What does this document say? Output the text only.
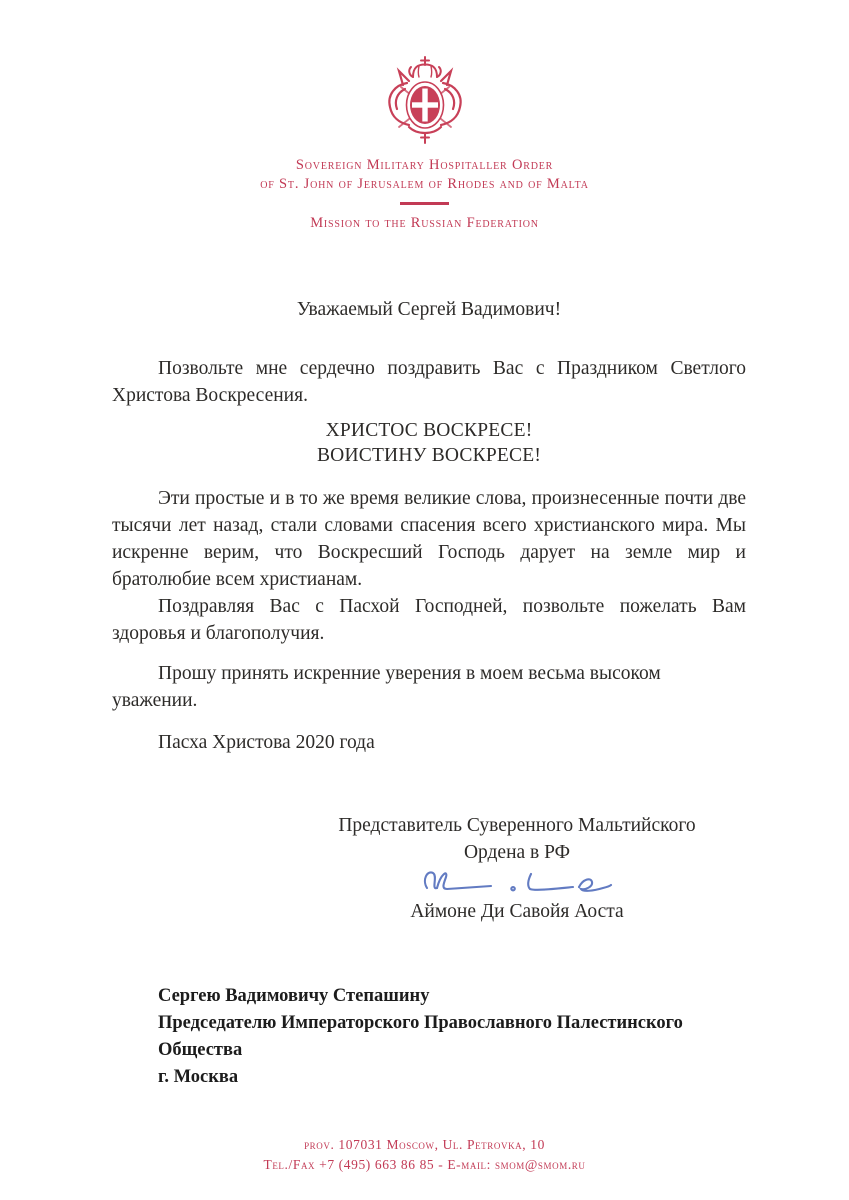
Sovereign Military Hospitaller Order
of St. John of Jerusalem of Rhodes and of Malta
Mission to the Russian Federation

Уважаемый Сергей Вадимович!

Позвольте мне сердечно поздравить Вас с Праздником Светлого Христова Воскресения.

ХРИСТОС ВОСКРЕСЕ!

ВОИСТИНУ ВОСКРЕСЕ!

Эти простые и в то же время великие слова, произнесенные почти две тысячи лет назад, стали словами спасения всего христианского мира. Мы искренне верим, что Воскресший Господь дарует на земле мир и братолюбие всем христианам.

Поздравляя Вас с Пасхой Господней, позвольте пожелать Вам здоровья и благополучия.

Прошу принять искренние уверения в моем весьма высоком уважении.

Пасха Христова 2020 года

Представитель Суверенного Мальтийского

Ордена в РФ

Аймоне Ди Савойя Аоста

Сергею Вадимовичу Степашину

Председателю Императорского Православного Палестинского Общества

г. Москва

prov. 107031 Moscow, Ul. Petrovka, 10

Tel./Fax +7 (495) 663 86 85 - E-mail: smom@smom.ru
